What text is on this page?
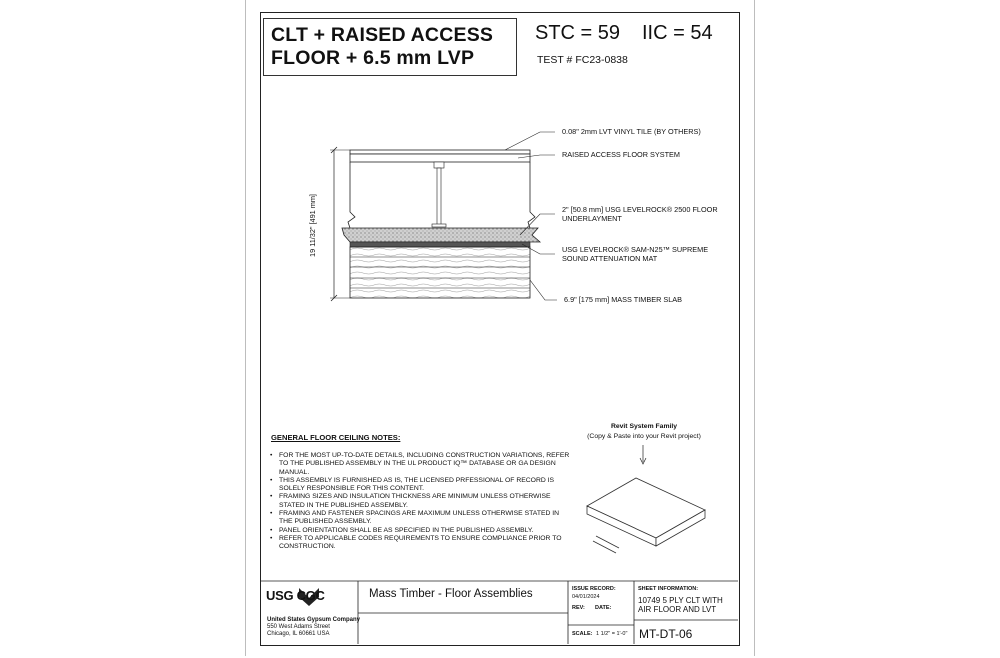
CLT + RAISED ACCESS
FLOOR + 6.5 mm LVP
STC = 59 IIC = 54
TEST # FC23-0838
0.08" 2mm LVT VINYL TILE (BY OTHERS)
RAISED ACCESS FLOOR SYSTEM
2" [50.8 mm] USG LEVELROCK® 2500 FLOOR
UNDERLAYMENT
USG LEVELROCK® SAM-N25™ SUPREME
SOUND ATTENUATION MAT
6.9" [175 mm] MASS TIMBER SLAB
19 11/32" [491 mm]
GENERAL FLOOR CEILING NOTES:
• FOR THE MOST UP-TO-DATE DETAILS, INCLUDING CONSTRUCTION VARIATIONS, REFER TO THE PUBLISHED ASSEMBLY IN THE UL PRODUCT IQ™ DATABASE OR GA DESIGN MANUAL.
• THIS ASSEMBLY IS FURNISHED AS IS, THE LICENSED PRFESSIONAL OF RECORD IS SOLELY RESPONSIBLE FOR THIS CONTENT.
• FRAMING SIZES AND INSULATION THICKNESS ARE MINIMUM UNLESS OTHERWISE STATED IN THE PUBLISHED ASSEMBLY.
• FRAMING AND FASTENER SPACINGS ARE MAXIMUM UNLESS OTHERWISE STATED IN THE PUBLISHED ASSEMBLY.
• PANEL ORIENTATION SHALL BE AS SPECIFIED IN THE PUBLISHED ASSEMBLY.
• REFER TO APPLICABLE CODES REQUIREMENTS TO ENSURE COMPLIANCE PRIOR TO CONSTRUCTION.
Revit System Family
(Copy & Paste into your Revit project)
USG CGC
United States Gypsum Company
550 West Adams Street
Chicago, IL 60661 USA
Mass Timber - Floor Assemblies	ISSUE RECORD:
04/01/2024
REV: DATE:
SCALE: 1 1/2" = 1'-0"
SHEET INFORMATION:
10749 5 PLY CLT WITH
AIR FLOOR AND LVT
MT-DT-06
